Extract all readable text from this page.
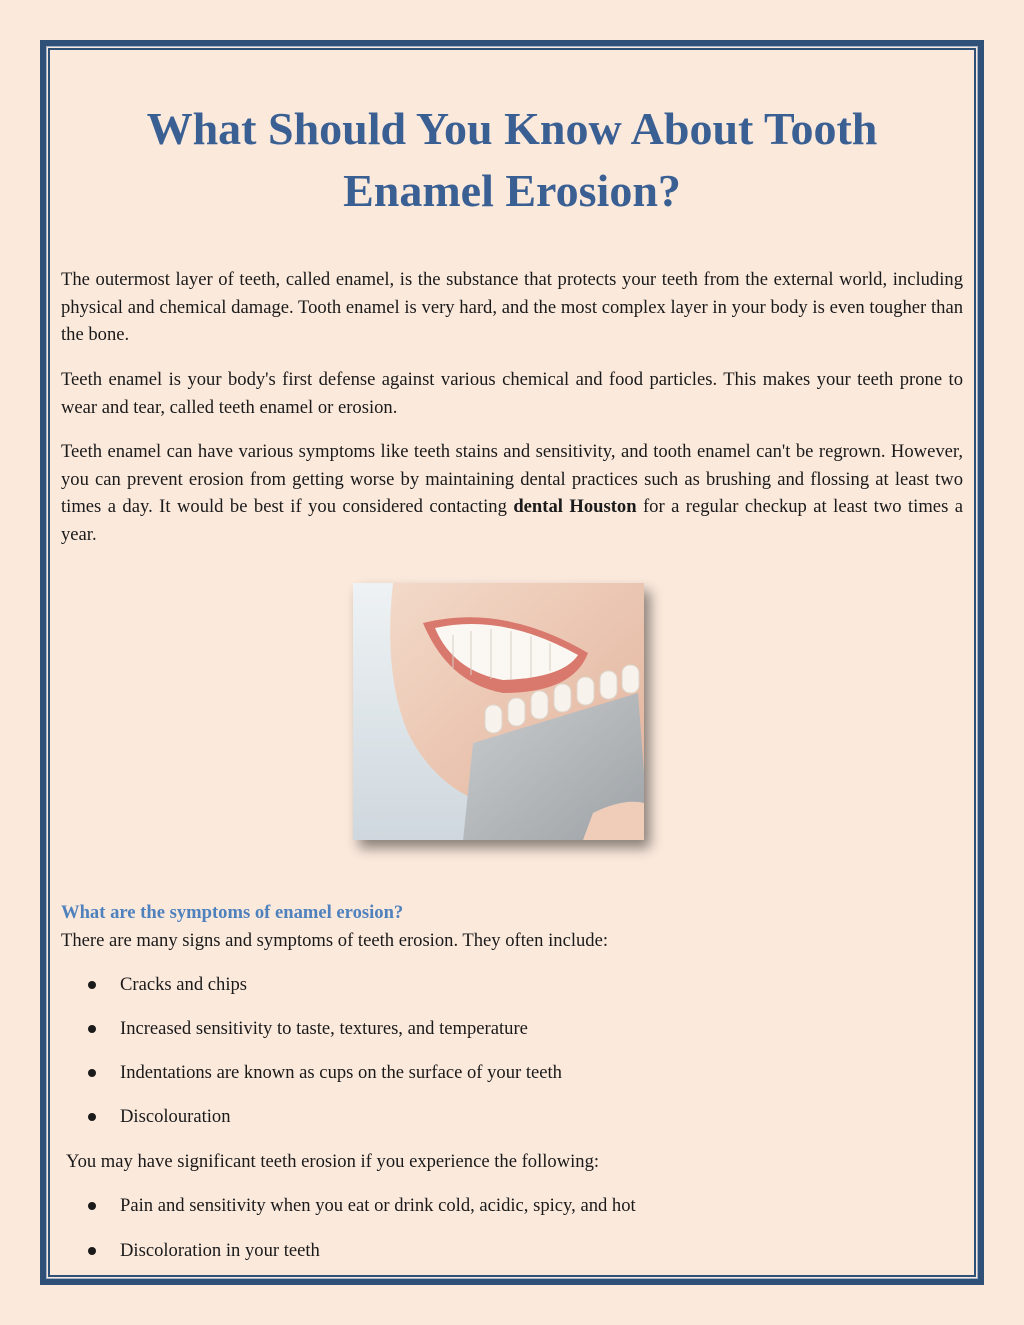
What Should You Know About Tooth Enamel Erosion?

The outermost layer of teeth, called enamel, is the substance that protects your teeth from the external world, including physical and chemical damage. Tooth enamel is very hard, and the most complex layer in your body is even tougher than the bone.

Teeth enamel is your body's first defense against various chemical and food particles. This makes your teeth prone to wear and tear, called teeth enamel or erosion.

Teeth enamel can have various symptoms like teeth stains and sensitivity, and tooth enamel can't be regrown. However, you can prevent erosion from getting worse by maintaining dental practices such as brushing and flossing at least two times a day. It would be best if you considered contacting dental Houston for a regular checkup at least two times a year.

What are the symptoms of enamel erosion?

There are many signs and symptoms of teeth erosion. They often include:

Cracks and chips

Increased sensitivity to taste, textures, and temperature

Indentations are known as cups on the surface of your teeth

Discolouration

You may have significant teeth erosion if you experience the following:

Pain and sensitivity when you eat or drink cold, acidic, spicy, and hot

Discoloration in your teeth
